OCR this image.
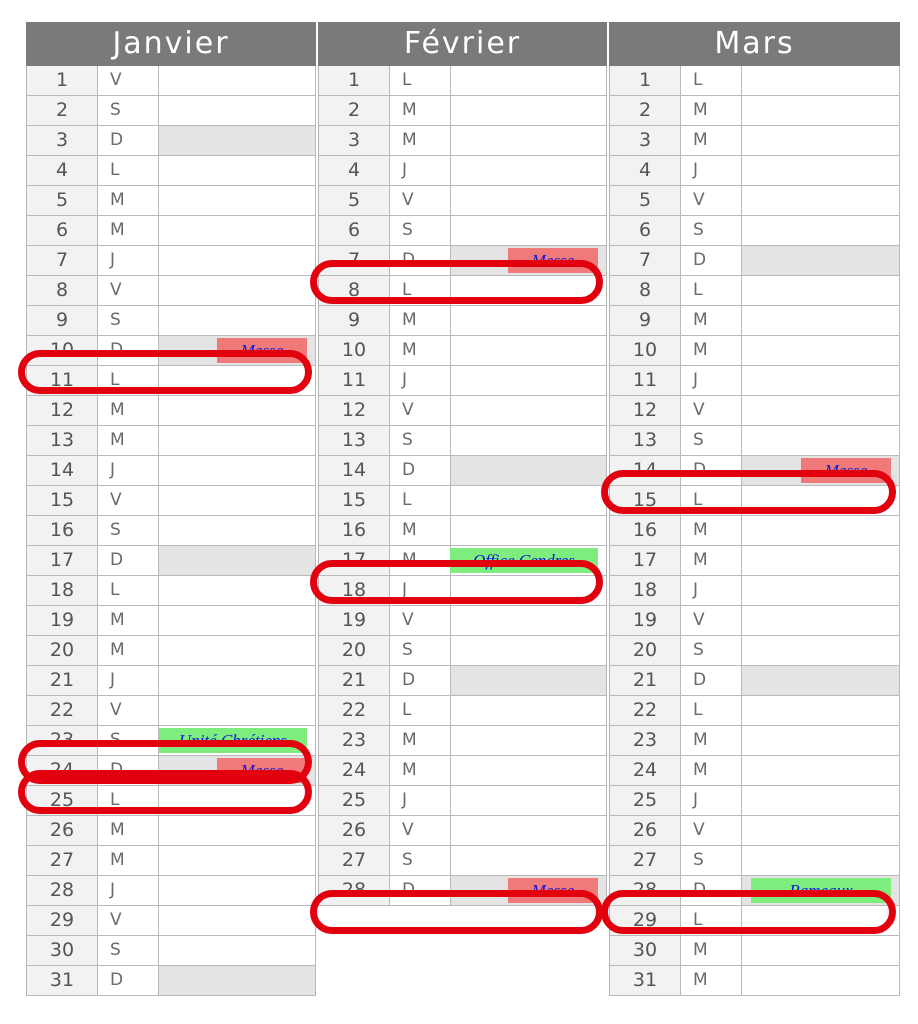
Janvier
1	V
2	S
3	D
4	L
5	M
6	M
7	J
8	V
9	S
10	D	Messe
11	L
12	M
13	M
14	J
15	V
16	S
17	D
18	L
19	M
20	M
21	J
22	V
23	S	Unité Chrétiens
24	D	Messe
25	L
26	M
27	M
28	J
29	V
30	S
31	D
Février
1	L
2	M
3	M
4	J
5	V
6	S
7	D	Messe
8	L
9	M
10	M
11	J
12	V
13	S
14	D
15	L
16	M
17	M	Office Cendres
18	J
19	V
20	S
21	D
22	L
23	M
24	M
25	J
26	V
27	S
28	D	Messe
Mars
1	L
2	M
3	M
4	J
5	V
6	S
7	D
8	L
9	M
10	M
11	J
12	V
13	S
14	D	Messe
15	L
16	M
17	M
18	J
19	V
20	S
21	D
22	L
23	M
24	M
25	J
26	V
27	S
28	D	Rameaux
29	L
30	M
31	M
